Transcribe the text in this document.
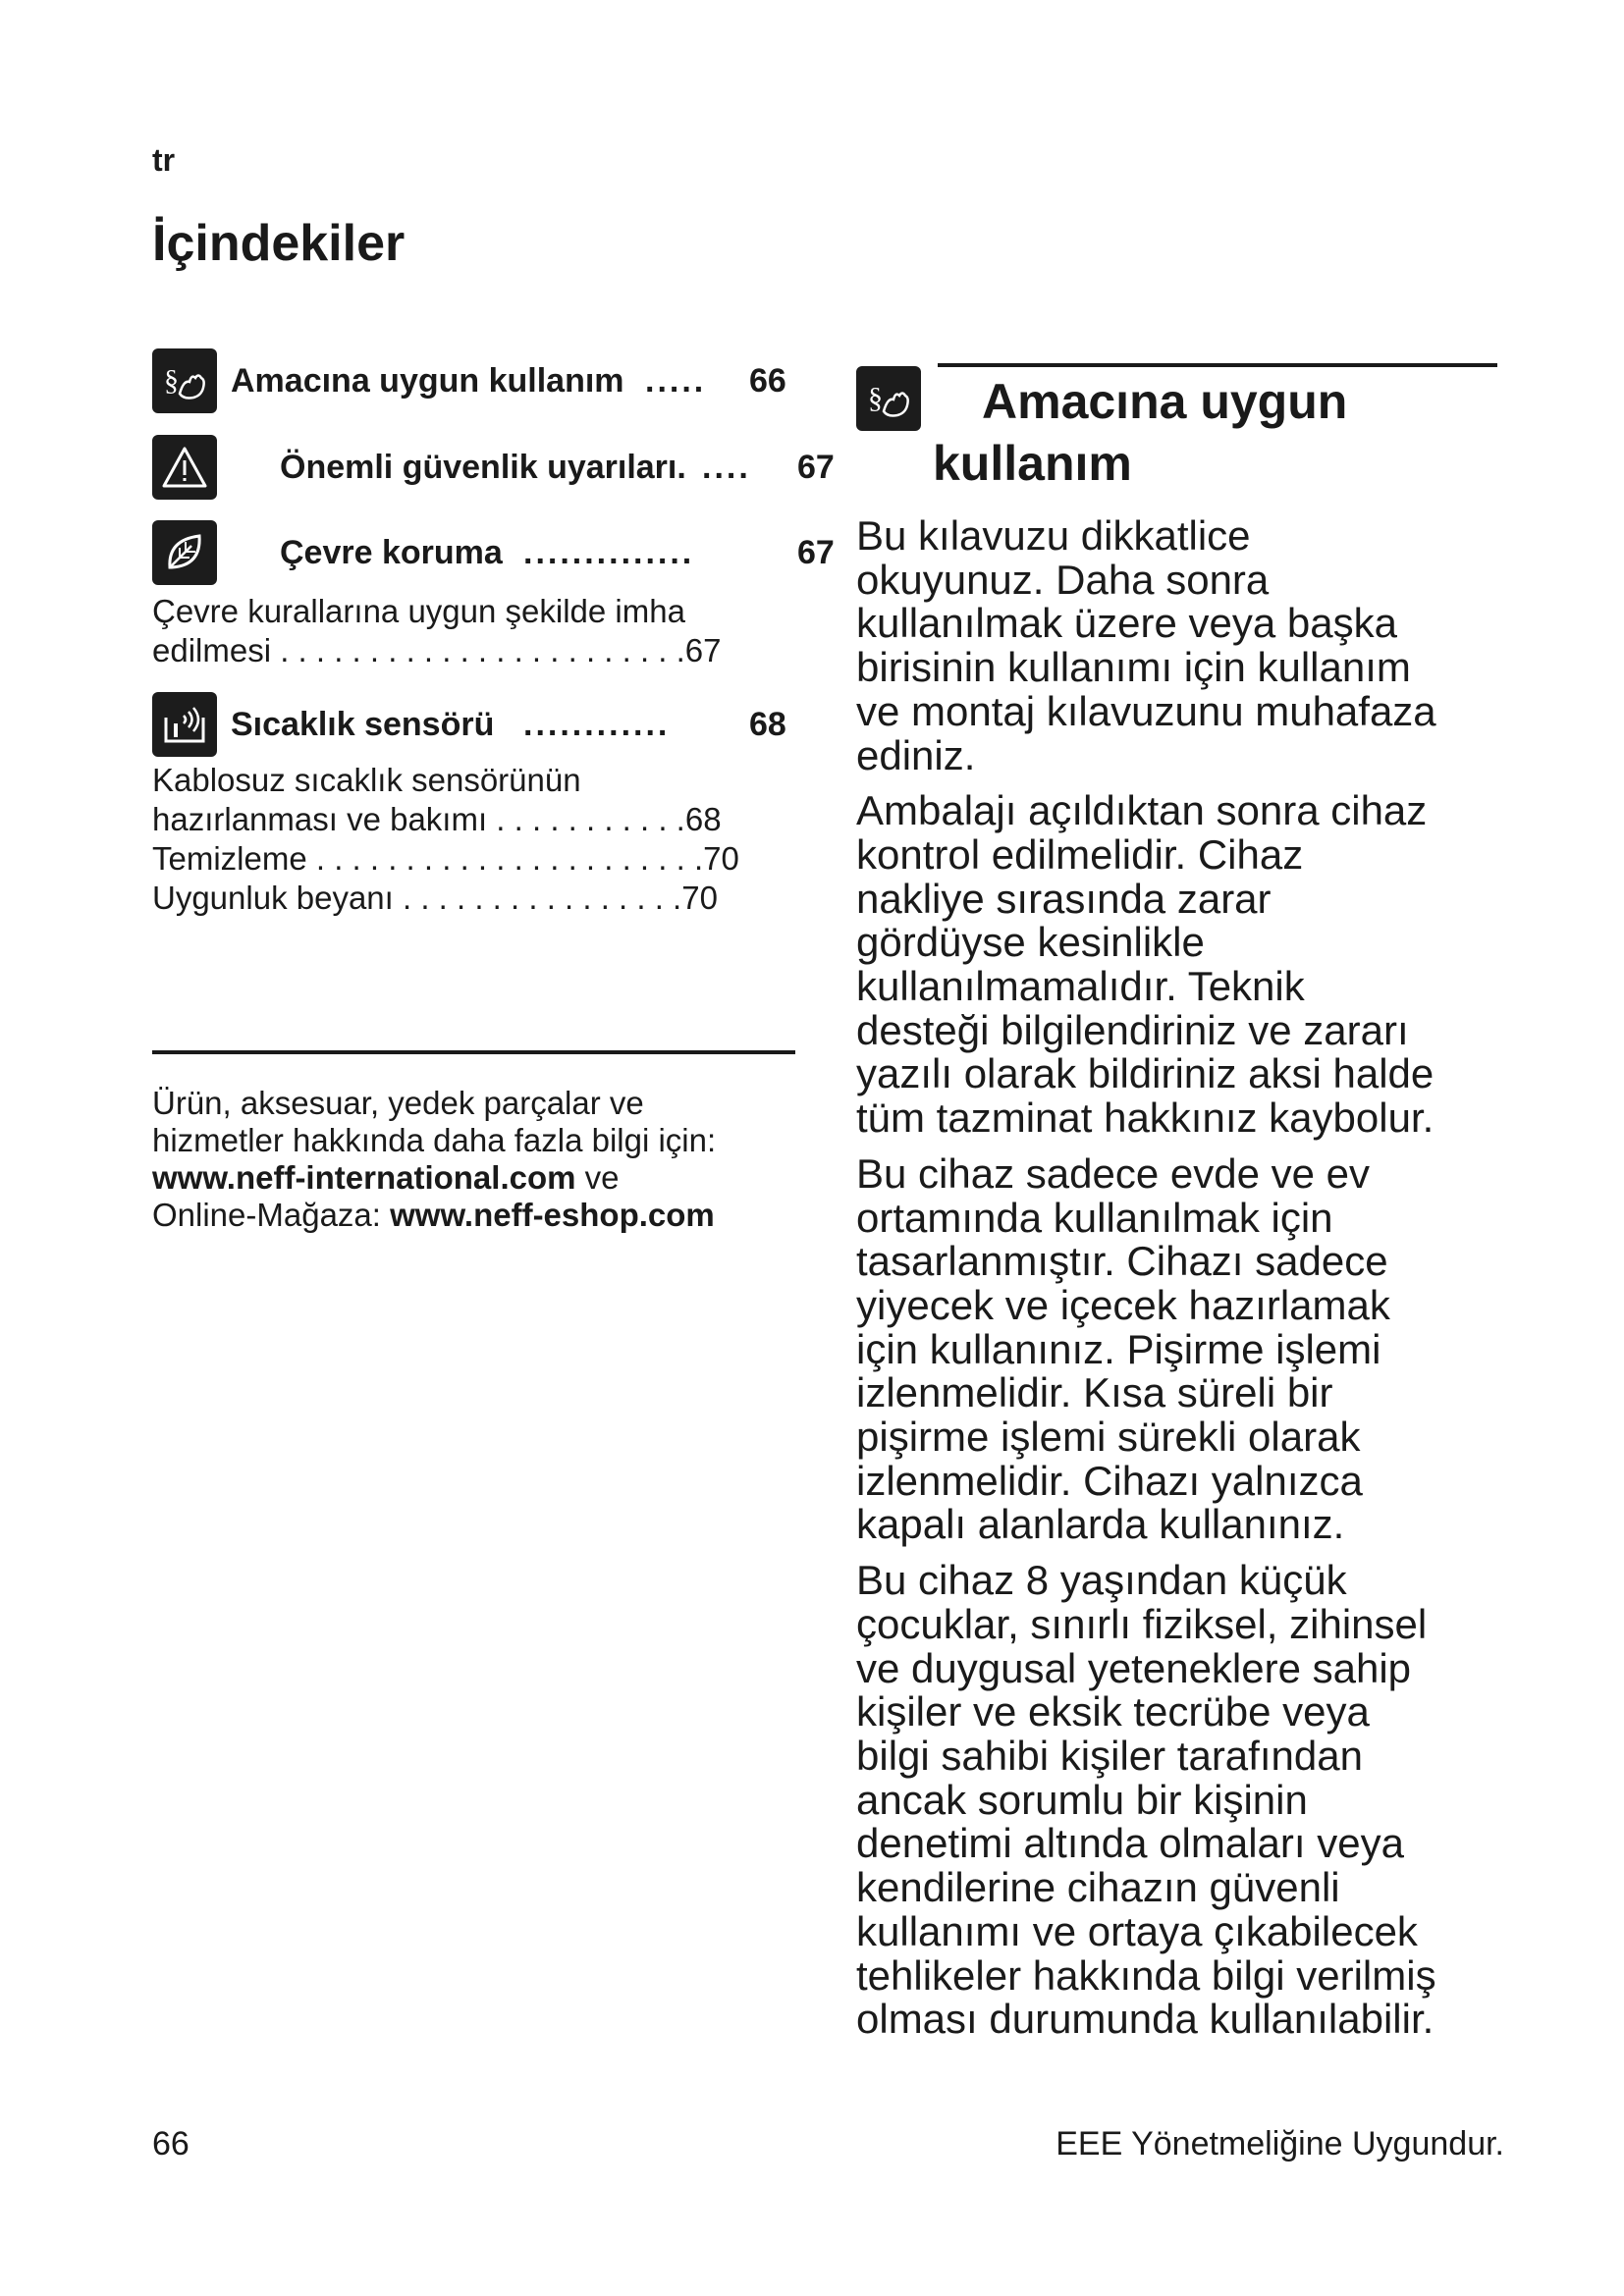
tr
İçindekiler
§ Amacına uygun kullanım ..... 66
Önemli güvenlik uyarıları. .... 67
Çevre koruma ..............	67
Çevre kurallarına uygun şekilde imha
edilmesi . . . . . . . . . . . . . . . . . . . . . . .67
Sıcaklık sensörü ............ 68
Kablosuz sıcaklık sensörünün
hazırlanması ve bakımı . . . . . . . . . . .68
Temizleme . . . . . . . . . . . . . . . . . . . . . .70
Uygunluk beyanı . . . . . . . . . . . . . . . .70
Ürün, aksesuar, yedek parçalar ve
hizmetler hakkında daha fazla bilgi için:
www.neff-international.com ve
Online-Mağaza: www.neff-eshop.com
§ Amacına uygun
kullanım

Bu kılavuzu dikkatlice
okuyunuz. Daha sonra
kullanılmak üzere veya başka
birisinin kullanımı için kullanım
ve montaj kılavuzunu muhafaza
ediniz.

Ambalajı açıldıktan sonra cihaz
kontrol edilmelidir. Cihaz
nakliye sırasında zarar
gördüyse kesinlikle
kullanılmamalıdır. Teknik
desteği bilgilendiriniz ve zararı
yazılı olarak bildiriniz aksi halde
tüm tazminat hakkınız kaybolur.

Bu cihaz sadece evde ve ev
ortamında kullanılmak için
tasarlanmıştır. Cihazı sadece
yiyecek ve içecek hazırlamak
için kullanınız. Pişirme işlemi
izlenmelidir. Kısa süreli bir
pişirme işlemi sürekli olarak
izlenmelidir. Cihazı yalnızca
kapalı alanlarda kullanınız.

Bu cihaz 8 yaşından küçük
çocuklar, sınırlı fiziksel, zihinsel
ve duygusal yeteneklere sahip
kişiler ve eksik tecrübe veya
bilgi sahibi kişiler tarafından
ancak sorumlu bir kişinin
denetimi altında olmaları veya
kendilerine cihazın güvenli
kullanımı ve ortaya çıkabilecek
tehlikeler hakkında bilgi verilmiş
olması durumunda kullanılabilir.

66	EEE Yönetmeliğine Uygundur.
